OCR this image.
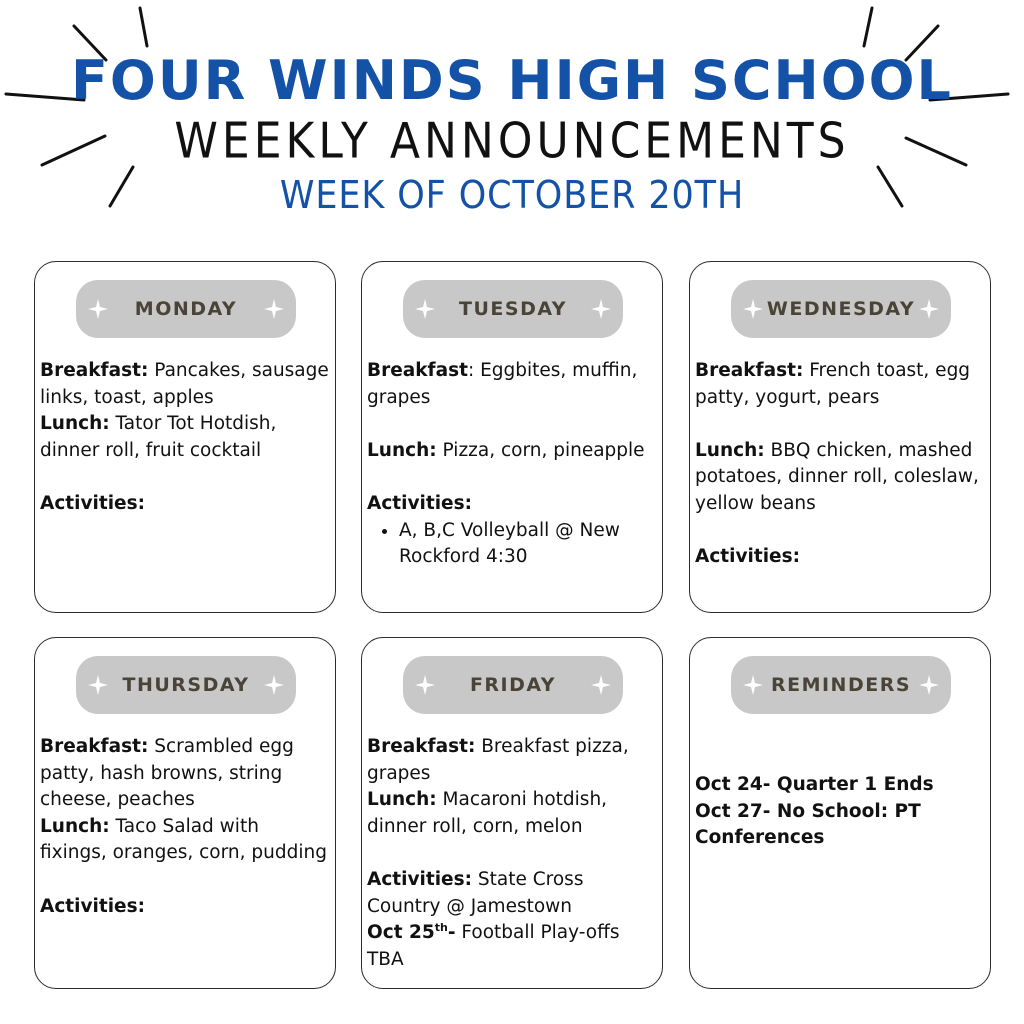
FOUR WINDS HIGH SCHOOL
WEEKLY ANNOUNCEMENTS
WEEK OF OCTOBER 20TH
MONDAY

Breakfast: Pancakes, sausage links, toast, apples

Lunch: Tator Tot Hotdish, dinner roll, fruit cocktail

Activities:

TUESDAY

Breakfast: Eggbites, muffin, grapes

Lunch: Pizza, corn, pineapple

Activities:

• A, B,C Volleyball @ New Rockford 4:30
WEDNESDAY

Breakfast: French toast, egg patty, yogurt, pears

Lunch: BBQ chicken, mashed potatoes, dinner roll, coleslaw, yellow beans

Activities:

THURSDAY

Breakfast: Scrambled egg patty, hash browns, string cheese, peaches

Lunch: Taco Salad with fixings, oranges, corn, pudding

Activities:

FRIDAY

Breakfast: Breakfast pizza, grapes

Lunch: Macaroni hotdish, dinner roll, corn, melon

Activities: State Cross Country @ Jamestown

Oct 25th- Football Play-offs TBA

REMINDERS

Oct 24- Quarter 1 Ends

Oct 27- No School: PT Conferences
